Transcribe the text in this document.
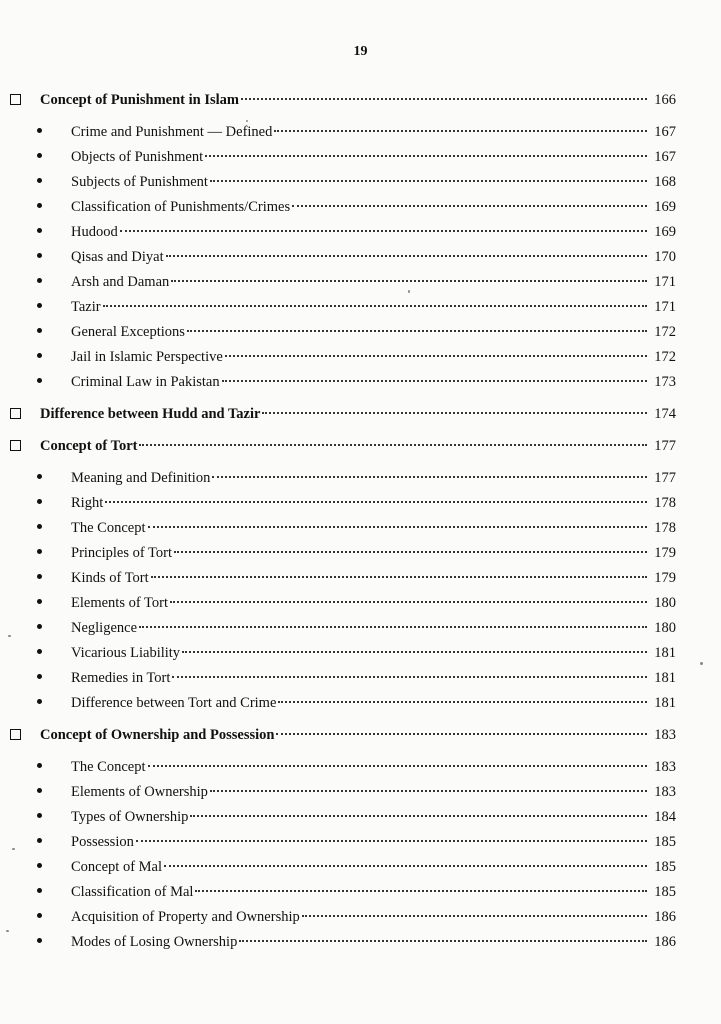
19
Concept of Punishment in Islam	166
Crime and Punishment — Defined	167
Objects of Punishment	167
Subjects of Punishment	168
Classification of Punishments/Crimes	169
Hudood	169
Qisas and Diyat	170
Arsh and Daman	171
Tazir	171
General Exceptions	172
Jail in Islamic Perspective	172
Criminal Law in Pakistan	173
Difference between Hudd and Tazir	174
Concept of Tort	177
Meaning and Definition	177
Right	178
The Concept	178
Principles of Tort	179
Kinds of Tort	179
Elements of Tort	180
Negligence	180
Vicarious Liability	181
Remedies in Tort	181
Difference between Tort and Crime	181
Concept of Ownership and Possession	183
The Concept	183
Elements of Ownership	183
Types of Ownership	184
Possession	185
Concept of Mal	185
Classification of Mal	185
Acquisition of Property and Ownership	186
Modes of Losing Ownership	186
